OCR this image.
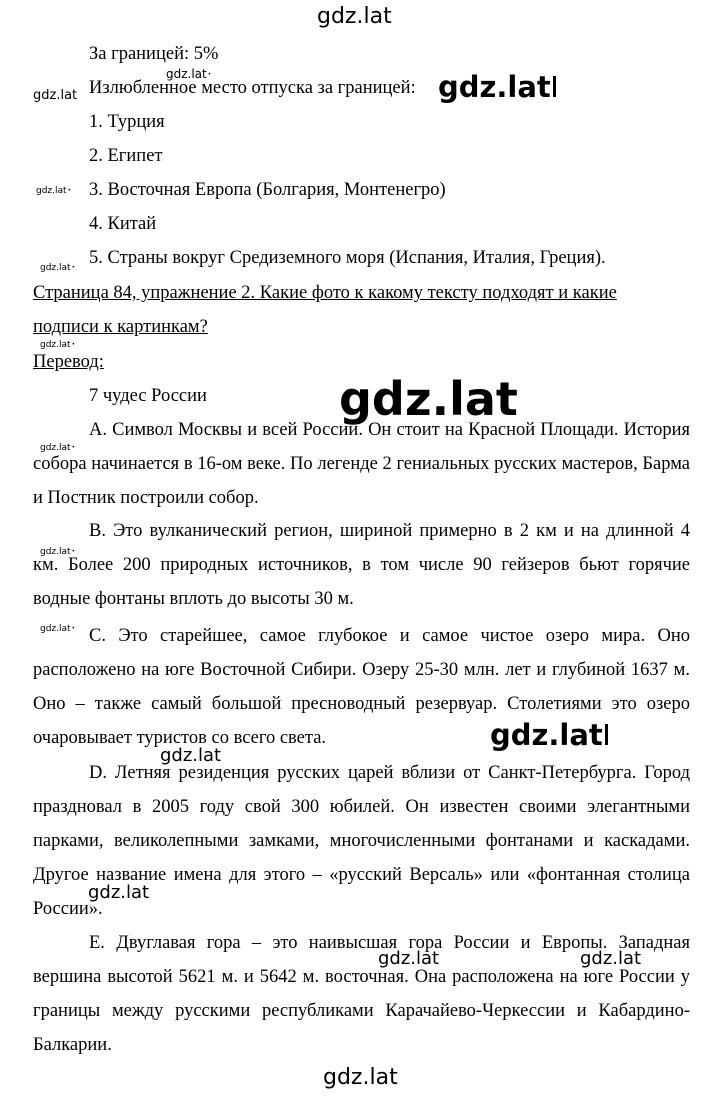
gdz.lat
gdz.lat •
gdz.lat	gdz.lat
gdz.lat •
gdz.lat •
gdz.lat •
gdz.lat
gdz.lat •
gdz.lat •
gdz.lat •
gdz.lat
gdz.lat
gdz.lat
gdz.lat	gdz.lat
gdz.lat
За границей: 5%
Излюбленное место отпуска за границей:
1. Турция
2. Египет
3. Восточная Европа (Болгария, Монтенегро)
4. Китай
5. Страны вокруг Средиземного моря (Испания, Италия, Греция).
Страница 84, упражнение 2. Какие фото к какому тексту подходят и какие
подписи к картинкам?
Перевод:
7 чудес России
A. Символ Москвы и всей России. Он стоит на Красной Площади. История собора начинается в 16-ом веке. По легенде 2 гениальных русских мастеров, Барма и Постник построили собор.
B. Это вулканический регион, шириной примерно в 2 км и на длинной 4 км. Более 200 природных источников, в том числе 90 гейзеров бьют горячие водные фонтаны вплоть до высоты 30 м.
C. Это старейшее, самое глубокое и самое чистое озеро мира. Оно расположено на юге Восточной Сибири. Озеру 25-30 млн. лет и глубиной 1637 м. Оно – также самый большой пресноводный резервуар. Столетиями это озеро очаровывает туристов со всего света.
D. Летняя резиденция русских царей вблизи от Санкт-Петербурга. Город праздновал в 2005 году свой 300 юбилей. Он известен своими элегантными парками, великолепными замками, многочисленными фонтанами и каскадами. Другое название имена для этого – «русский Версаль» или «фонтанная столица России».
E. Двуглавая гора – это наивысшая гора России и Европы. Западная вершина высотой 5621 м. и 5642 м. восточная. Она расположена на юге России у границы между русскими республиками Карачайево-Черкессии и Кабардино-Балкарии.
